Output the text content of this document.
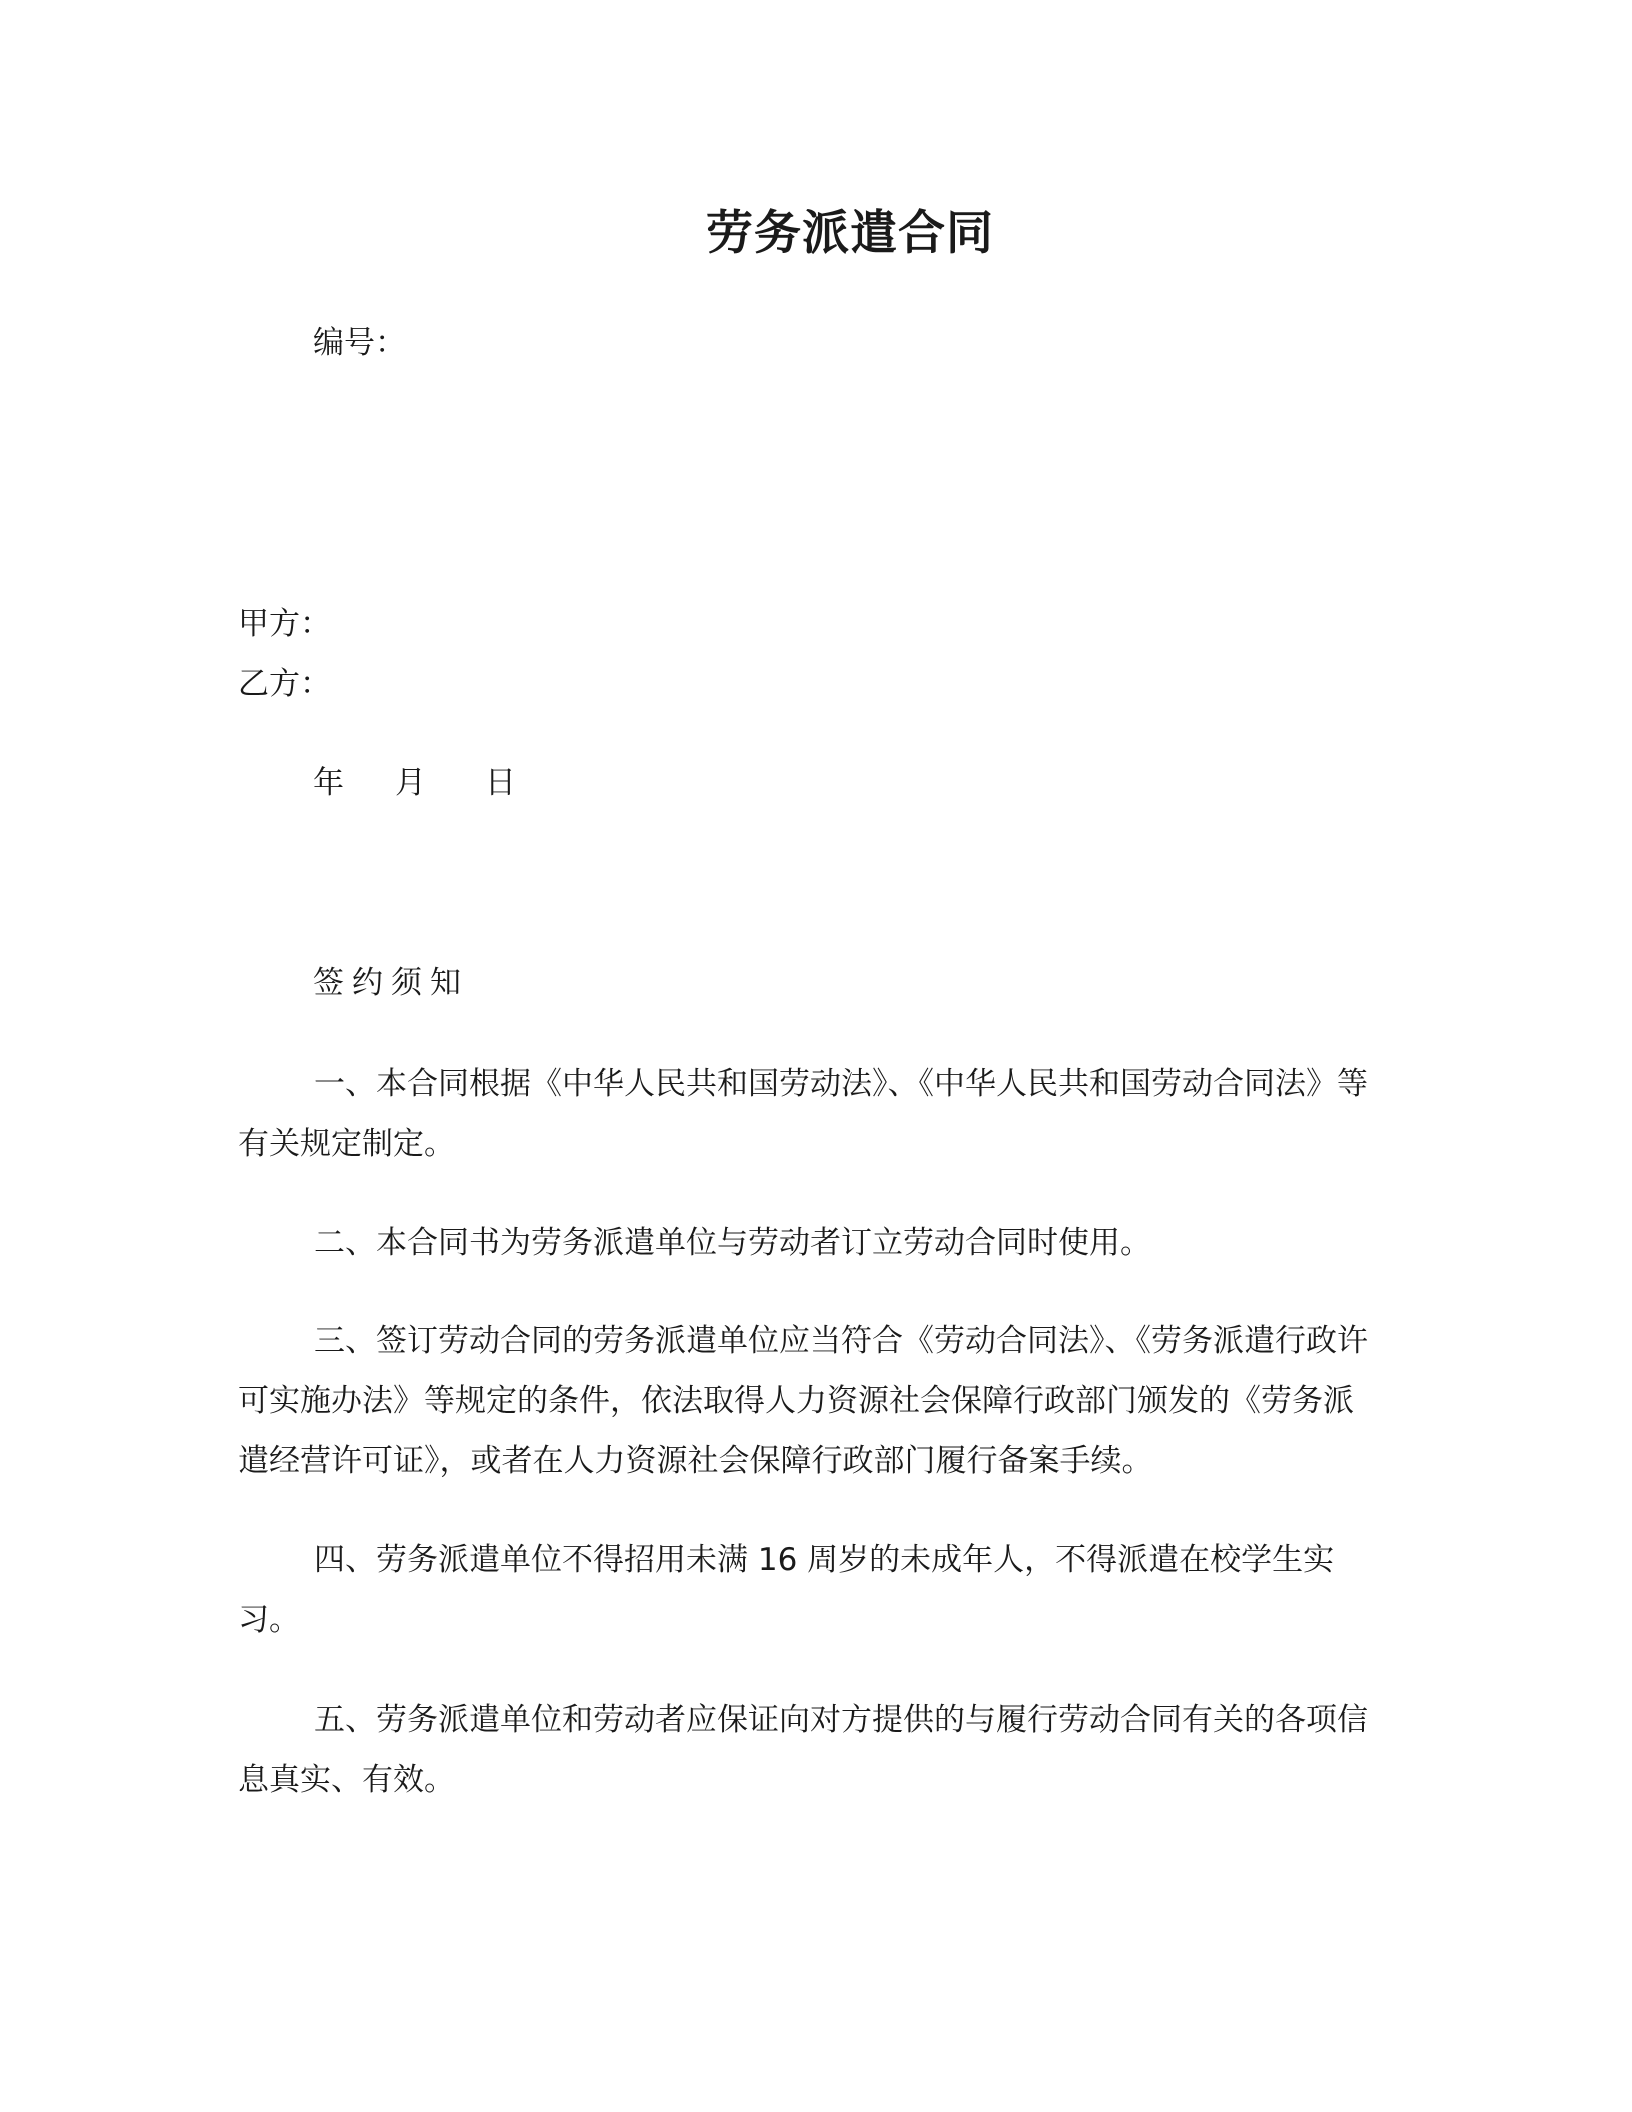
劳务派遣合同
编号：
甲方：
乙方：
年 月 日
签约须知

一、本合同根据《中华人民共和国劳动法》、《中华人民共和国劳动合同法》等有关规定制定。

二、本合同书为劳务派遣单位与劳动者订立劳动合同时使用。

三、签订劳动合同的劳务派遣单位应当符合《劳动合同法》、《劳务派遣行政许可实施办法》等规定的条件，依法取得人力资源社会保障行政部门颁发的《劳务派遣经营许可证》，或者在人力资源社会保障行政部门履行备案手续。

四、劳务派遣单位不得招用未满 16 周岁的未成年人，不得派遣在校学生实习。

五、劳务派遣单位和劳动者应保证向对方提供的与履行劳动合同有关的各项信息真实、有效。
